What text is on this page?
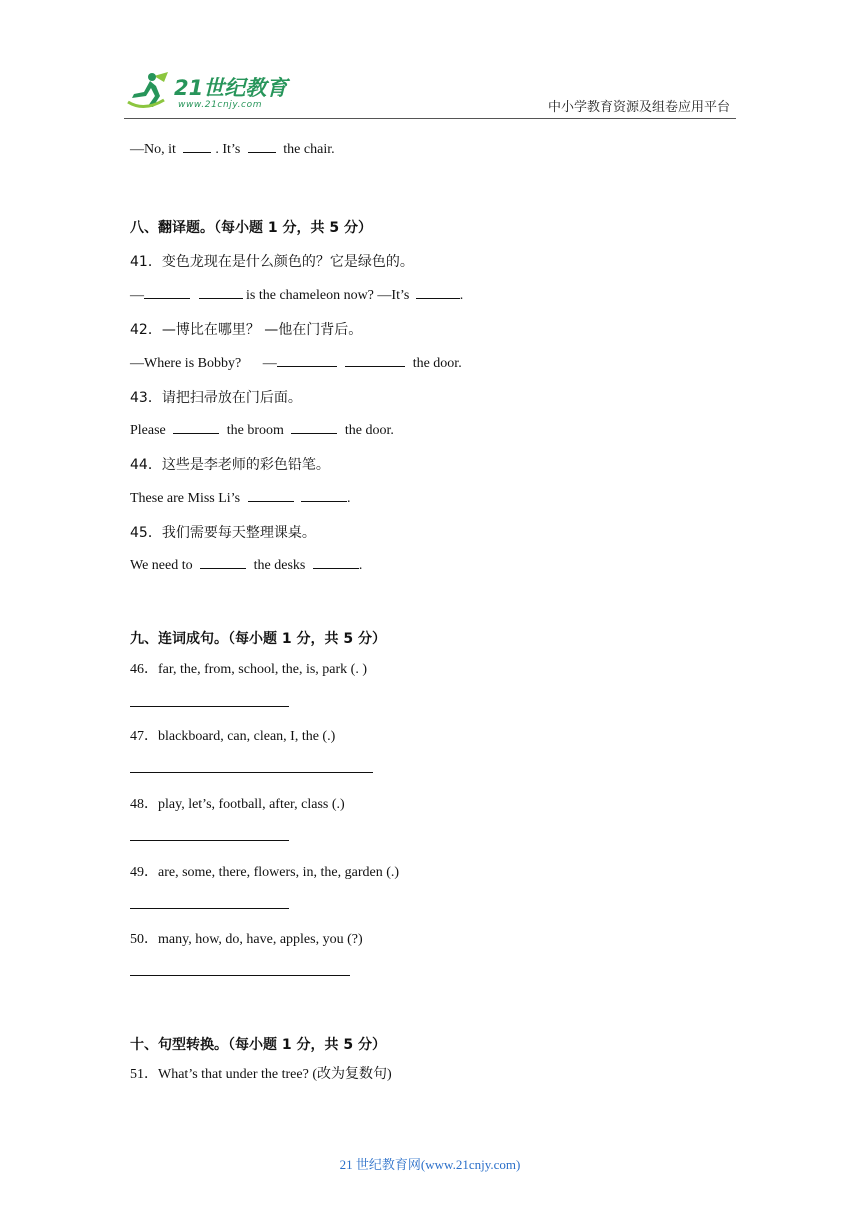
21世纪教育
www.21cnjy.com	中小学教育资源及组卷应用平台
—No, it	. It’s	the chair.
八、翻译题。（每小题 1 分，共 5 分）
41．变色龙现在是什么颜色的？它是绿色的。
—	is the chameleon now? —It’s	.
42．—博比在哪里？ —他在门背后。
—Where is Bobby? —	the door.
43．请把扫帚放在门后面。
Please	the broom	the door.
44．这些是李老师的彩色铅笔。
These are Miss Li’s	.
45．我们需要每天整理课桌。
We need to	the desks	.
九、连词成句。（每小题 1 分，共 5 分）
46．far, the, from, school, the, is, park (. )
47．blackboard, can, clean, I, the (.)
48．play, let’s, football, after, class (.)
49．are, some, there, flowers, in, the, garden (.)
50．many, how, do, have, apples, you (?)
十、句型转换。（每小题 1 分，共 5 分）
51．What’s that under the tree? (改为复数句)
21 世纪教育网(www.21cnjy.com)
